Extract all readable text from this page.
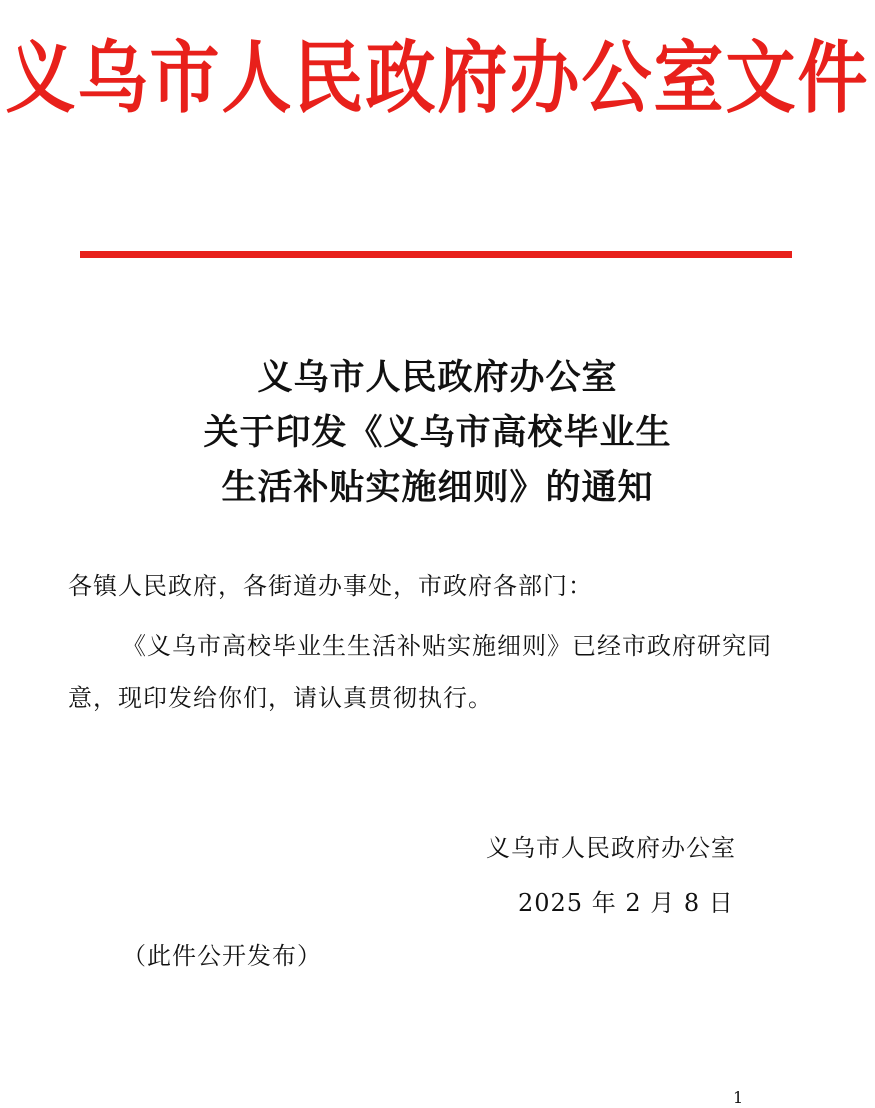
义乌市人民政府办公室文件
义乌市人民政府办公室
关于印发《义乌市高校毕业生
生活补贴实施细则》的通知
各镇人民政府，各街道办事处，市政府各部门：

《义乌市高校毕业生生活补贴实施细则》已经市政府研究同意，现印发给你们，请认真贯彻执行。

义乌市人民政府办公室
2025 年 2 月 8 日
（此件公开发布）
1
